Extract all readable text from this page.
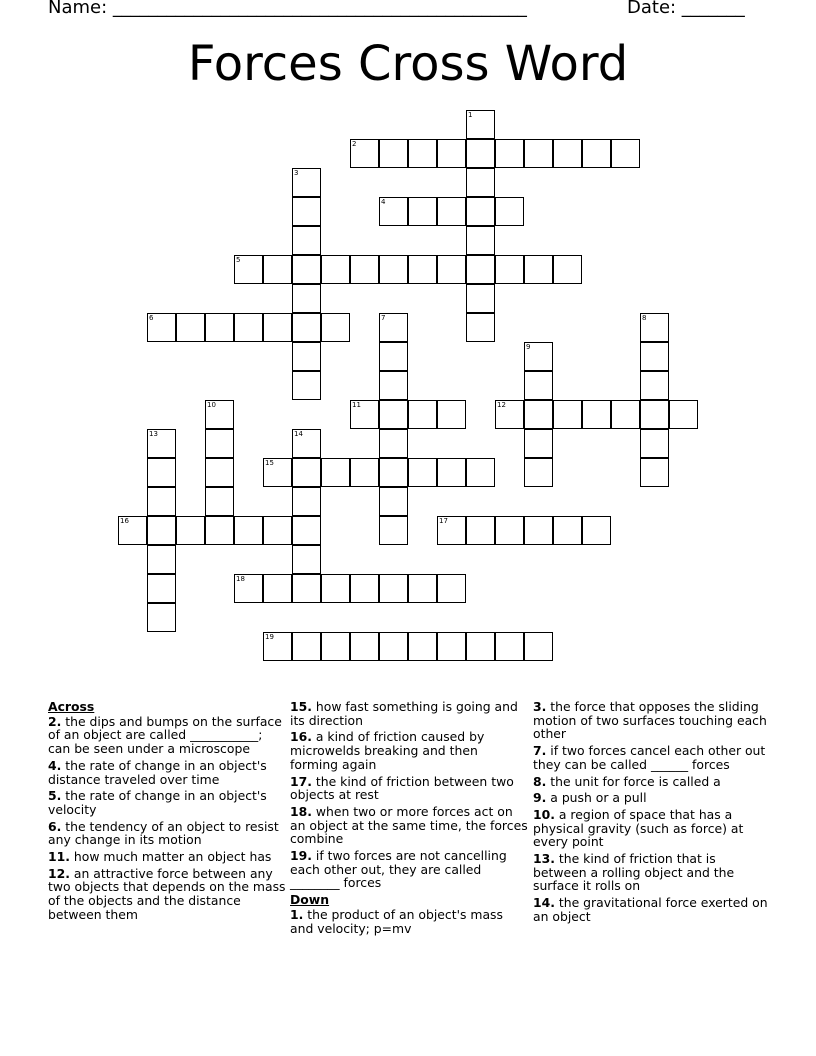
Name: ______________________________________________	Date: _______
Forces Cross Word
1
2
3
4
5
6	7	8
9
10	11	12
13	14
15
16	17
18
19
Across
2. the dips and bumps on the surface of an object are called ___________; can be seen under a microscope
4. the rate of change in an object's distance traveled over time
5. the rate of change in an object's velocity
6. the tendency of an object to resist any change in its motion
11. how much matter an object has
12. an attractive force between any two objects that depends on the mass of the objects and the distance between them
15. how fast something is going and its direction
16. a kind of friction caused by microwelds breaking and then forming again
17. the kind of friction between two objects at rest
18. when two or more forces act on an object at the same time, the forces combine
19. if two forces are not cancelling each other out, they are called ________ forces
Down
1. the product of an object's mass and velocity; p=mv
3. the force that opposes the sliding motion of two surfaces touching each other
7. if two forces cancel each other out they can be called ______ forces
8. the unit for force is called a
9. a push or a pull
10. a region of space that has a physical gravity (such as force) at every point
13. the kind of friction that is between a rolling object and the surface it rolls on
14. the gravitational force exerted on an object
